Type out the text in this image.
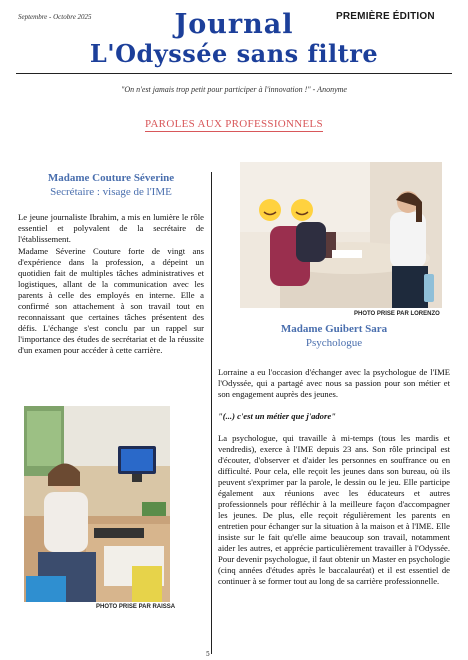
Septembre - Octobre 2025	PREMIÈRE ÉDITION
Journal
L'Odyssée sans filtre
"On n'est jamais trop petit pour participer à l'innovation !" - Anonyme
PAROLES AUX PROFESSIONNELS
Madame Couture Séverine
Secrétaire : visage de l'IME

Le jeune journaliste Ibrahim, a mis en lumière le rôle essentiel et polyvalent de la secrétaire de l'établissement.

Madame Séverine Couture forte de vingt ans d'expérience dans la profession, a dépeint un quotidien fait de multiples tâches administratives et logistiques, allant de la communication avec les parents à celle des employés en interne. Elle a confirmé son attachement à son travail tout en reconnaissant que certaines tâches présentent des défis. L'échange s'est conclu par un rappel sur l'importance des études de secrétariat et de la réussite d'un examen pour accéder à cette carrière.

PHOTO PRISE PAR RAISSA
PHOTO PRISE PAR LORENZO
Madame Guibert Sara
Psychologue

Lorraine a eu l'occasion d'échanger avec la psychologue de l'IME l'Odyssée, qui a partagé avec nous sa passion pour son métier et son engagement auprès des jeunes.

"(...) c'est un métier que j'adore"

La psychologue, qui travaille à mi-temps (tous les mardis et vendredis), exerce à l'IME depuis 23 ans. Son rôle principal est d'écouter, d'observer et d'aider les personnes en souffrance ou en difficulté. Pour cela, elle reçoit les jeunes dans son bureau, où ils peuvent s'exprimer par la parole, le dessin ou le jeu. Elle participe également aux réunions avec les éducateurs et autres professionnels pour réfléchir à la meilleure façon d'accompagner les jeunes. De plus, elle reçoit régulièrement les parents en entretien pour échanger sur la situation à la maison et à l'IME. Elle insiste sur le fait qu'elle aime beaucoup son travail, notamment aider les autres, et apprécie particulièrement travailler à l'Odyssée. Pour devenir psychologue, il faut obtenir un Master en psychologie (cinq années d'études après le baccalauréat) et il est essentiel de continuer à se former tout au long de sa carrière professionnelle.

5
